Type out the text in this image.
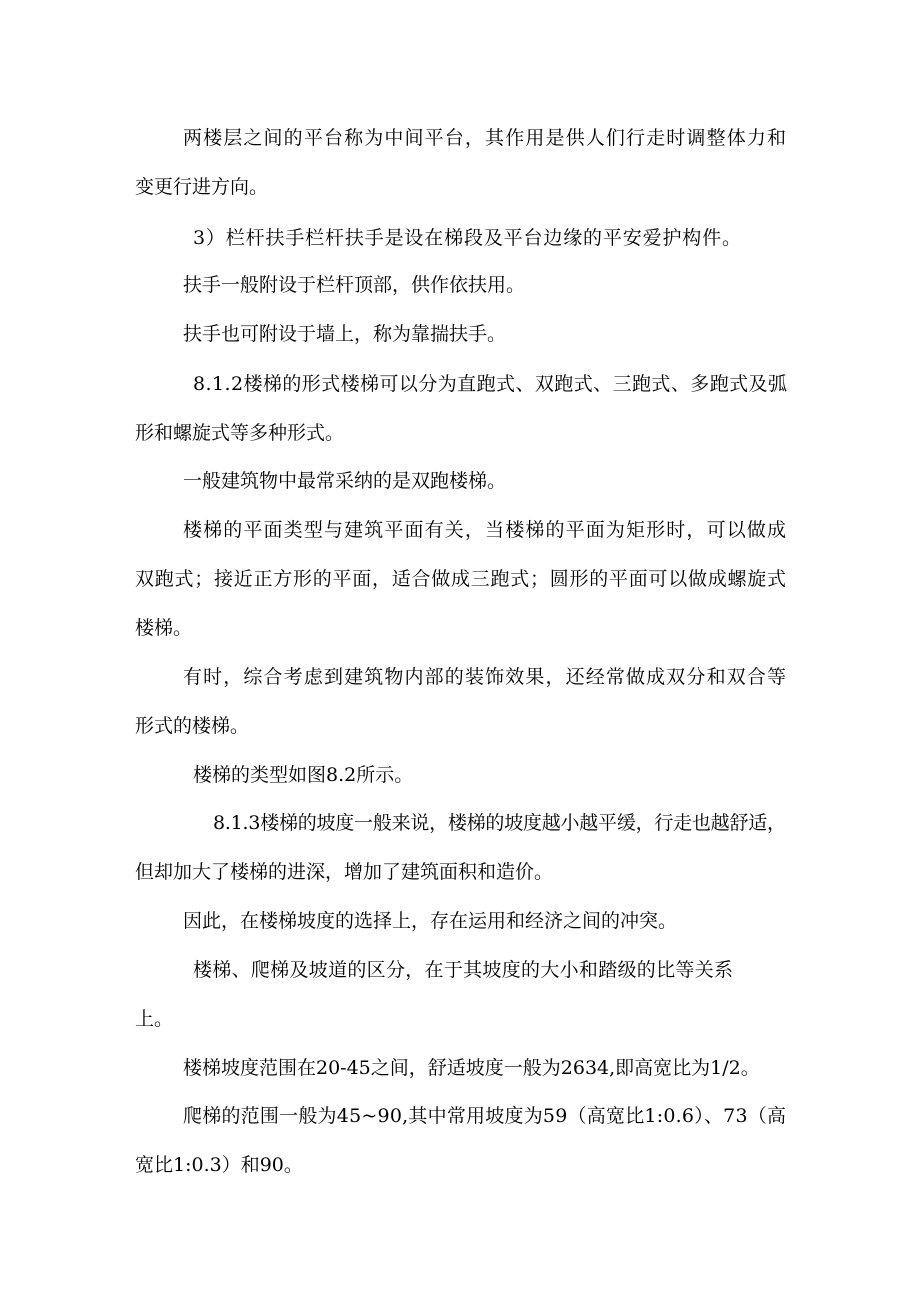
两楼层之间的平台称为中间平台，其作用是供人们行走时调整体力和

变更行进方向。

3）栏杆扶手栏杆扶手是设在梯段及平台边缘的平安爱护构件。

扶手一般附设于栏杆顶部，供作依扶用。

扶手也可附设于墙上，称为靠揣扶手。

8.1.2楼梯的形式楼梯可以分为直跑式、双跑式、三跑式、多跑式及弧

形和螺旋式等多种形式。

一般建筑物中最常采纳的是双跑楼梯。

楼梯的平面类型与建筑平面有关，当楼梯的平面为矩形时，可以做成

双跑式；接近正方形的平面，适合做成三跑式；圆形的平面可以做成螺旋式

楼梯。

有时，综合考虑到建筑物内部的装饰效果，还经常做成双分和双合等

形式的楼梯。

楼梯的类型如图8.2所示。

8.1.3楼梯的坡度一般来说，楼梯的坡度越小越平缓，行走也越舒适，

但却加大了楼梯的进深，增加了建筑面积和造价。

因此，在楼梯坡度的选择上，存在运用和经济之间的冲突。

楼梯、爬梯及坡道的区分，在于其坡度的大小和踏级的比等关系

上。

楼梯坡度范围在20-45之间，舒适坡度一般为2634,即高宽比为1/2。

爬梯的范围一般为45~90,其中常用坡度为59（高宽比1:0.6）、73（高

宽比1:0.3）和90。
